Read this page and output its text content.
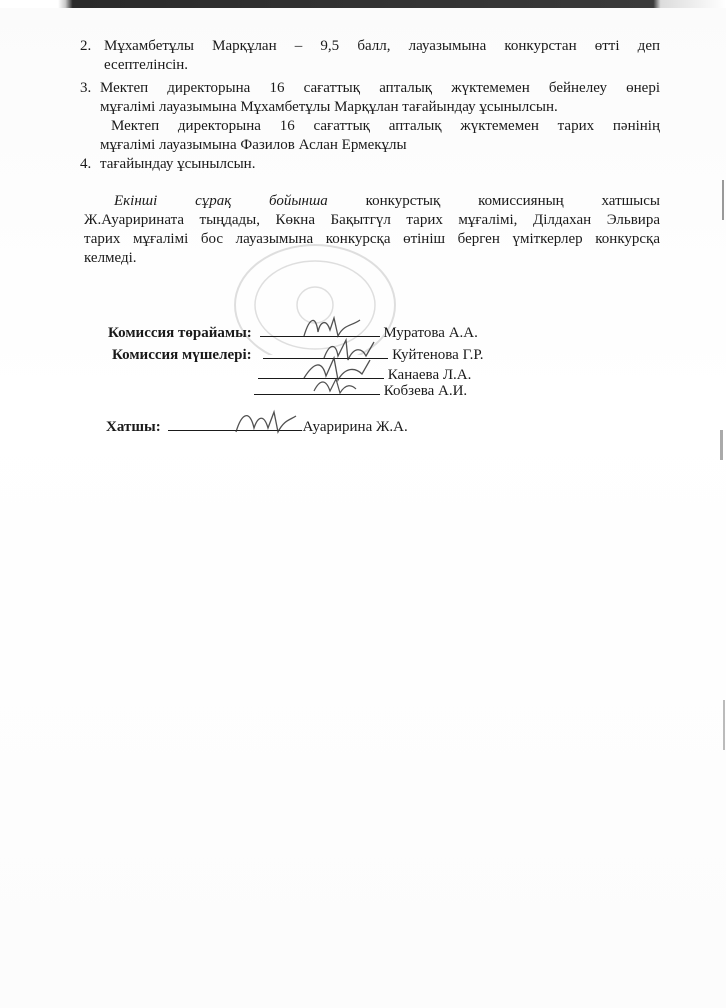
2. Мұхамбетұлы Марқұлан – 9,5 балл, лауазымына конкурстан өтті деп
есептелінсін.
3. Мектеп директорына 16 сағаттық апталық жүктемемен бейнелеу өнері
мұғалімі лауазымына Мұхамбетұлы Марқұлан тағайындау ұсынылсын.
Мектеп директорына 16 сағаттық апталық жүктемемен тарих пәнінің
мұғалімі лауазымына Фазилов Аслан Ермекұлы
4. тағайындау ұсынылсын.
Екінші сұрақ бойынша конкурстық комиссияның хатшысы
Ж.Ауаририната тыңдады, Көкна Бақытгүл тарих мұғалімі, Ділдахан Эльвира
тарих мұғалімі бос лауазымына конкурсқа өтініш берген үміткерлер конкурсқа
келмеді.
Комиссия төрайамы:	Муратова А.А.
Комиссия мүшелері:	Куйтенова Г.Р.
Канаева Л.А.
Кобзева А.И.
Хатшы:	Ауаририна Ж.А.
